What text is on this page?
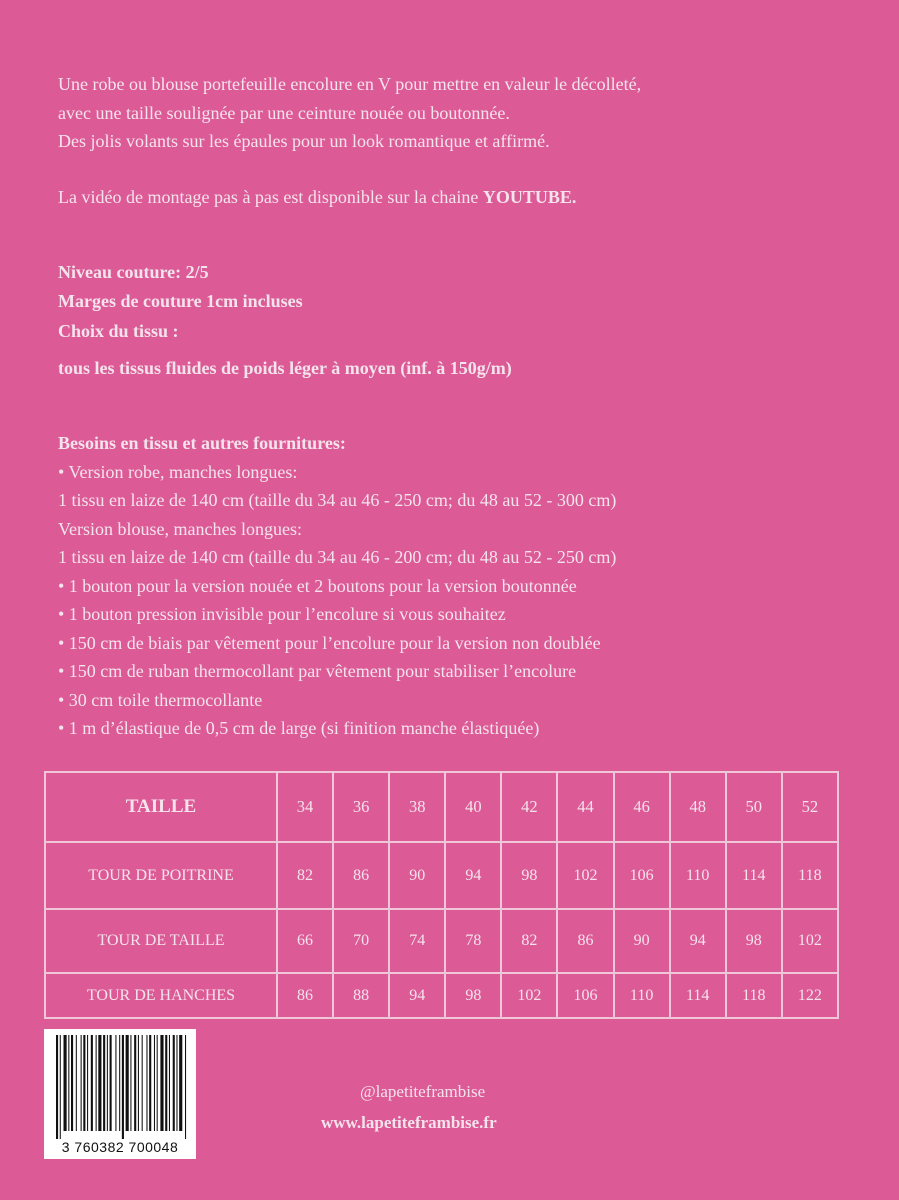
Une robe ou blouse portefeuille encolure en V pour mettre en valeur le décolleté,
avec une taille soulignée par une ceinture nouée ou boutonnée.
Des jolis volants sur les épaules pour un look romantique et affirmé.
La vidéo de montage pas à pas est disponible sur la chaine YOUTUBE.
Niveau couture: 2/5
Marges de couture 1cm incluses
Choix du tissu :
tous les tissus fluides de poids léger à moyen (inf. à 150g/m)
Besoins en tissu et autres fournitures:
• Version robe, manches longues:
1 tissu en laize de 140 cm (taille du 34 au 46 - 250 cm; du 48 au 52 - 300 cm)
Version blouse, manches longues:
1 tissu en laize de 140 cm (taille du 34 au 46 - 200 cm; du 48 au 52 - 250 cm)
• 1 bouton pour la version nouée et 2 boutons pour la version boutonnée
• 1 bouton pression invisible pour l’encolure si vous souhaitez
• 150 cm de biais par vêtement pour l’encolure pour la version non doublée
• 150 cm de ruban thermocollant par vêtement pour stabiliser l’encolure
• 30 cm toile thermocollante
• 1 m d’élastique de 0,5 cm de large (si finition manche élastiquée)
TAILLE	34	36	38	40	42	44	46	48	50	52
TOUR DE POITRINE	82	86	90	94	98	102	106	110	114	118
TOUR DE TAILLE	66	70	74	78	82	86	90	94	98	102
TOUR DE HANCHES	86	88	94	98	102	106	110	114	118	122
3 760382 700048
@lapetiteframbise
www.lapetiteframbise.fr
